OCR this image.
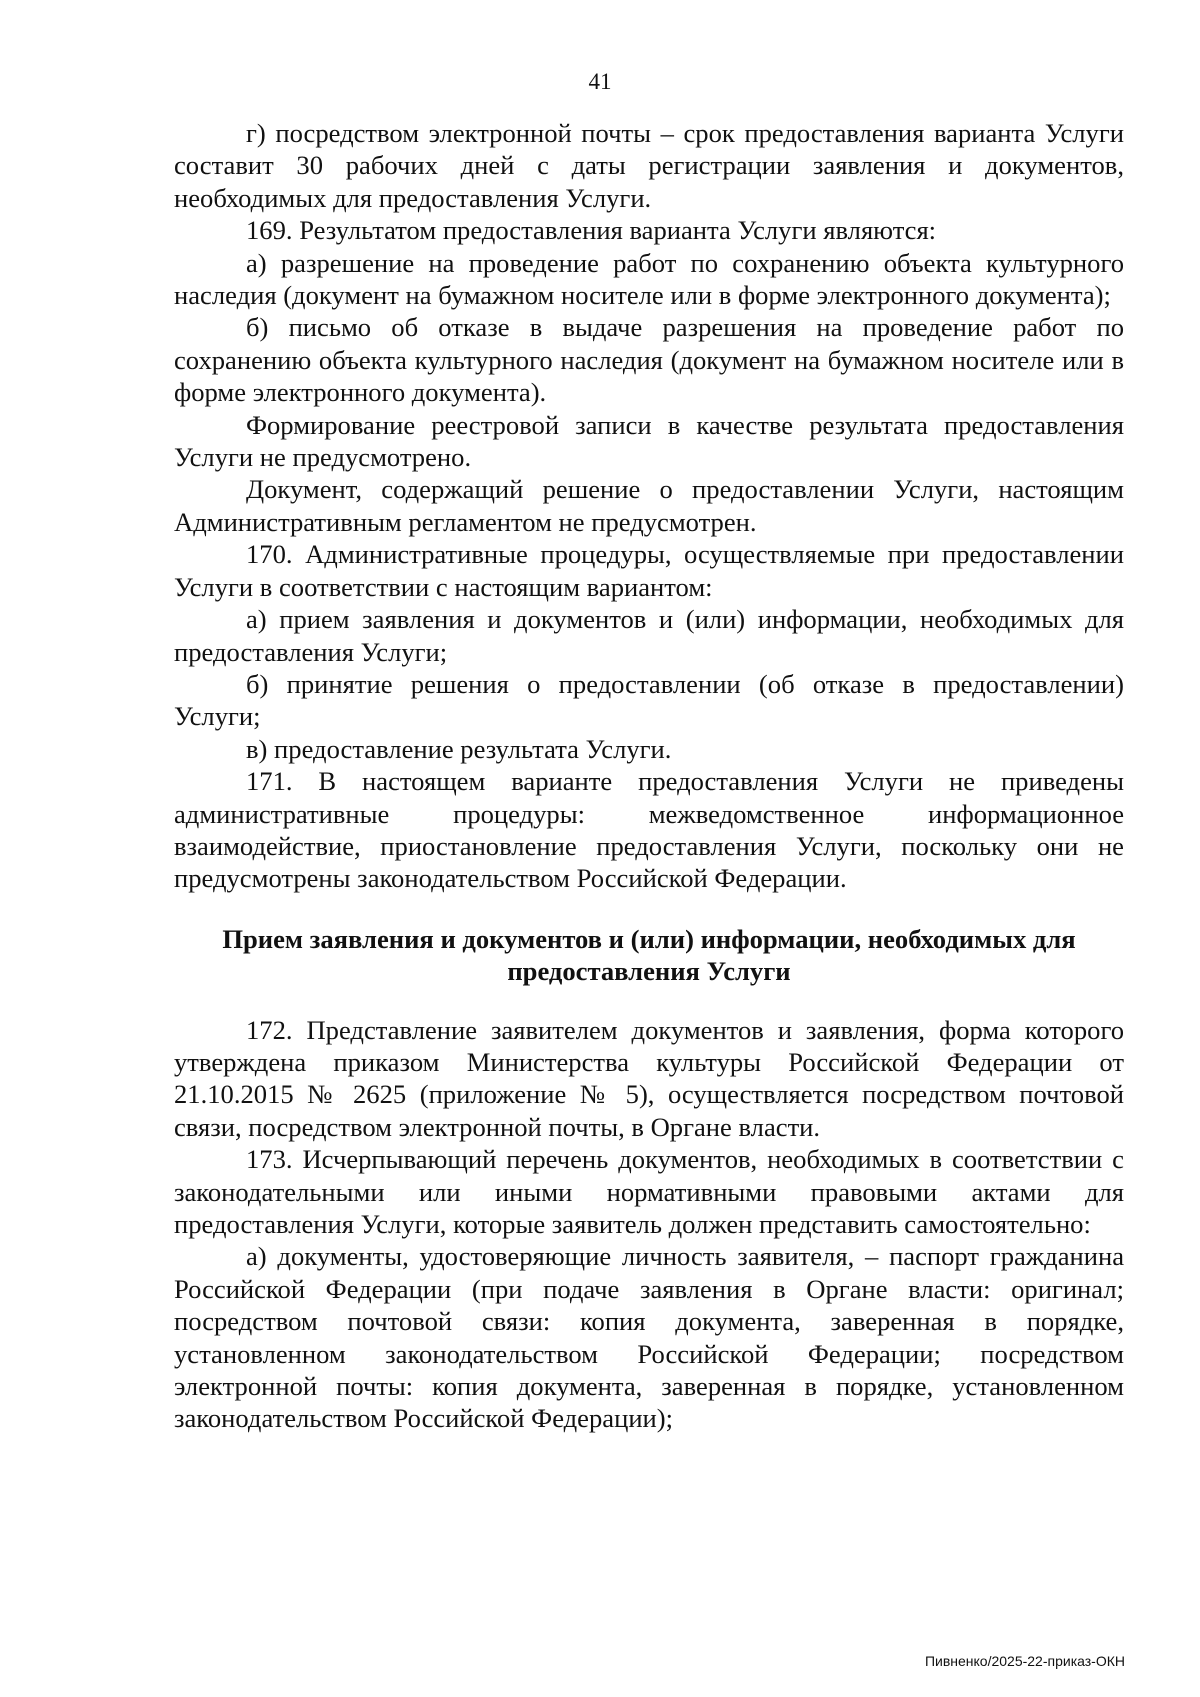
41

г) посредством электронной почты – срок предоставления варианта Услуги составит 30 рабочих дней с даты регистрации заявления и документов, необходимых для предоставления Услуги.

169. Результатом предоставления варианта Услуги являются:

а) разрешение на проведение работ по сохранению объекта культурного наследия (документ на бумажном носителе или в форме электронного документа);

б) письмо об отказе в выдаче разрешения на проведение работ по сохранению объекта культурного наследия (документ на бумажном носителе или в форме электронного документа).

Формирование реестровой записи в качестве результата предоставления Услуги не предусмотрено.

Документ, содержащий решение о предоставлении Услуги, настоящим Административным регламентом не предусмотрен.

170. Административные процедуры, осуществляемые при предоставлении Услуги в соответствии с настоящим вариантом:

а) прием заявления и документов и (или) информации, необходимых для предоставления Услуги;

б) принятие решения о предоставлении (об отказе в предоставлении) Услуги;

в) предоставление результата Услуги.

171. В настоящем варианте предоставления Услуги не приведены административные процедуры: межведомственное информационное взаимодействие, приостановление предоставления Услуги, поскольку они не предусмотрены законодательством Российской Федерации.

Прием заявления и документов и (или) информации, необходимых для предоставления Услуги

172. Представление заявителем документов и заявления, форма которого утверждена приказом Министерства культуры Российской Федерации от 21.10.2015 № 2625 (приложение № 5), осуществляется посредством почтовой связи, посредством электронной почты, в Органе власти.

173. Исчерпывающий перечень документов, необходимых в соответствии с законодательными или иными нормативными правовыми актами для предоставления Услуги, которые заявитель должен представить самостоятельно:

а) документы, удостоверяющие личность заявителя, – паспорт гражданина Российской Федерации (при подаче заявления в Органе власти: оригинал; посредством почтовой связи: копия документа, заверенная в порядке, установленном законодательством Российской Федерации; посредством электронной почты: копия документа, заверенная в порядке, установленном законодательством Российской Федерации);

Пивненко/2025-22-приказ-ОКН
